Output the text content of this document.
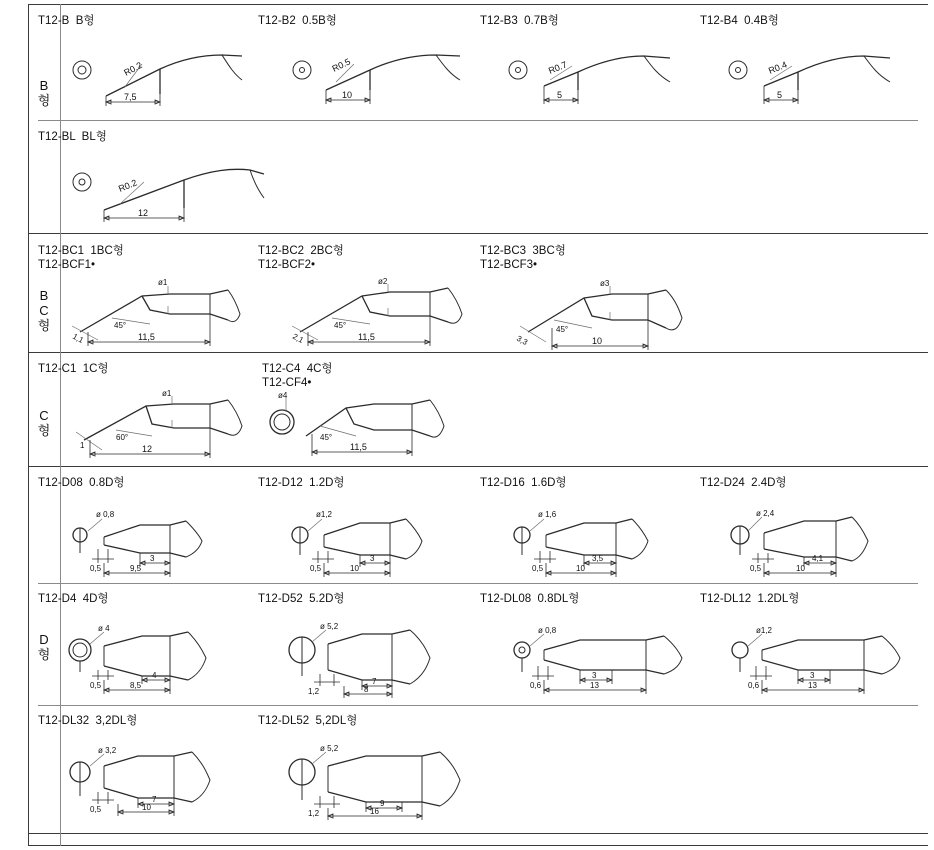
B
형
B
C
형
C
형
D
형
T12-B  B형
R0.2
7,5
T12-B2  0.5B형
R0.5
10
T12-B3  0.7B형
R0.7
5
T12-B4  0.4B형
R0.4
5
T12-BL  BL형
R0.2
12
T12-BC1  1BC형
T12-BCF1•
ø1
1,1
45°
11,5
T12-BC2  2BC형
T12-BCF2•
ø2
2,1
45°
11,5
T12-BC3  3BC형
T12-BCF3•
ø3
3,3
45°
10
T12-C1  1C형
ø1
1
60°
12
T12-C4  4C형
T12-CF4•
ø4
45°
11,5
T12-D08  0.8D형
ø 0,8
0,5
3
9,5
T12-D12  1.2D형
ø1,2
0,5
3
10
T12-D16  1.6D형
ø 1,6
0,5
3,5
10
T12-D24  2.4D형
ø 2,4
0,5
4,1
10
T12-D4  4D형
ø 4
0,5
4
8,5
T12-D52  5.2D형
ø 5,2
1,2
7
8
T12-DL08  0.8DL형
ø 0,8
0,6
3
13
T12-DL12  1.2DL형
ø1,2
0,6
3
13
T12-DL32  3,2DL형
ø 3,2
0,5
7
10
T12-DL52  5,2DL형
ø 5,2
1,2
9
16
